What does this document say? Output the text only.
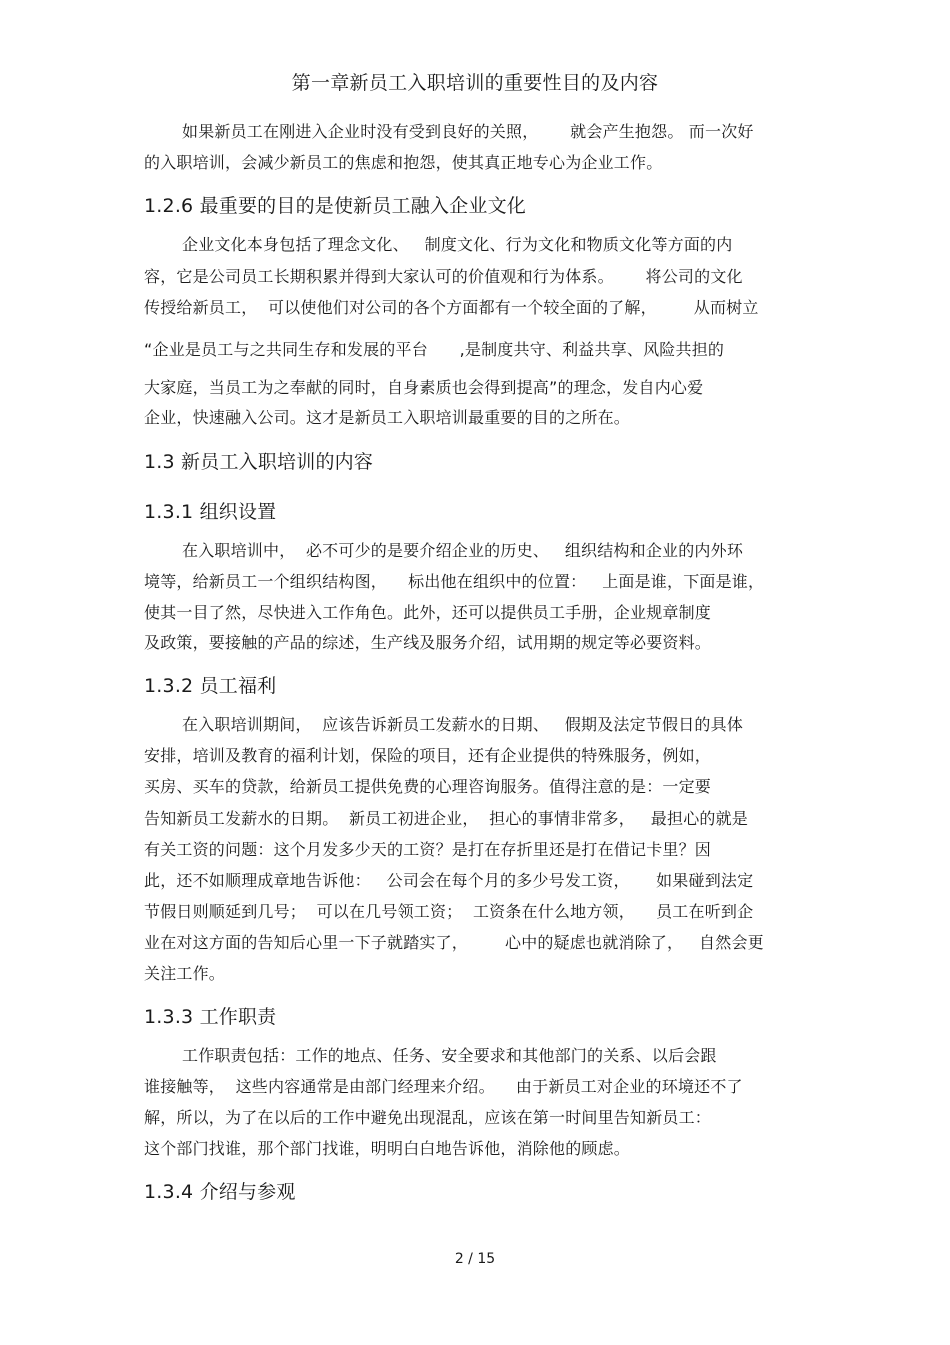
第一章新员工入职培训的重要性目的及内容
如果新员工在刚进入企业时没有受到良好的关照，      就会产生抱怨。 而一次好
的入职培训，会减少新员工的焦虑和抱怨，使其真正地专心为企业工作。
1.2.6 最重要的目的是使新员工融入企业文化
企业文化本身包括了理念文化、   制度文化、行为文化和物质文化等方面的内
容，它是公司员工长期积累并得到大家认可的价值观和行为体系。      将公司的文化
传授给新员工，  可以使他们对公司的各个方面都有一个较全面的了解，       从而树立
“企业是员工与之共同生存和发展的平台      ,是制度共守、利益共享、风险共担的
大家庭，当员工为之奉献的同时，自身素质也会得到提高”的理念，发自内心爱
企业，快速融入公司。这才是新员工入职培训最重要的目的之所在。
1.3 新员工入职培训的内容
1.3.1 组织设置
在入职培训中，  必不可少的是要介绍企业的历史、   组织结构和企业的内外环
境等，给新员工一个组织结构图，    标出他在组织中的位置：   上面是谁，下面是谁，
使其一目了然，尽快进入工作角色。此外，还可以提供员工手册，企业规章制度
及政策，要接触的产品的综述，生产线及服务介绍，试用期的规定等必要资料。
1.3.2 员工福利
在入职培训期间，  应该告诉新员工发薪水的日期、   假期及法定节假日的具体
安排，培训及教育的福利计划，保险的项目，还有企业提供的特殊服务，例如，
买房、买车的贷款，给新员工提供免费的心理咨询服务。值得注意的是：一定要
告知新员工发薪水的日期。  新员工初进企业，  担心的事情非常多，   最担心的就是
有关工资的问题：这个月发多少天的工资？是打在存折里还是打在借记卡里？因
此，还不如顺理成章地告诉他：   公司会在每个月的多少号发工资，     如果碰到法定
节假日则顺延到几号；  可以在几号领工资；  工资条在什么地方领，    员工在听到企
业在对这方面的告知后心里一下子就踏实了，       心中的疑虑也就消除了，   自然会更
关注工作。
1.3.3 工作职责
工作职责包括：工作的地点、任务、安全要求和其他部门的关系、以后会跟
谁接触等，  这些内容通常是由部门经理来介绍。    由于新员工对企业的环境还不了
解，所以，为了在以后的工作中避免出现混乱，应该在第一时间里告知新员工：
这个部门找谁，那个部门找谁，明明白白地告诉他，消除他的顾虑。
1.3.4 介绍与参观
2 / 15
